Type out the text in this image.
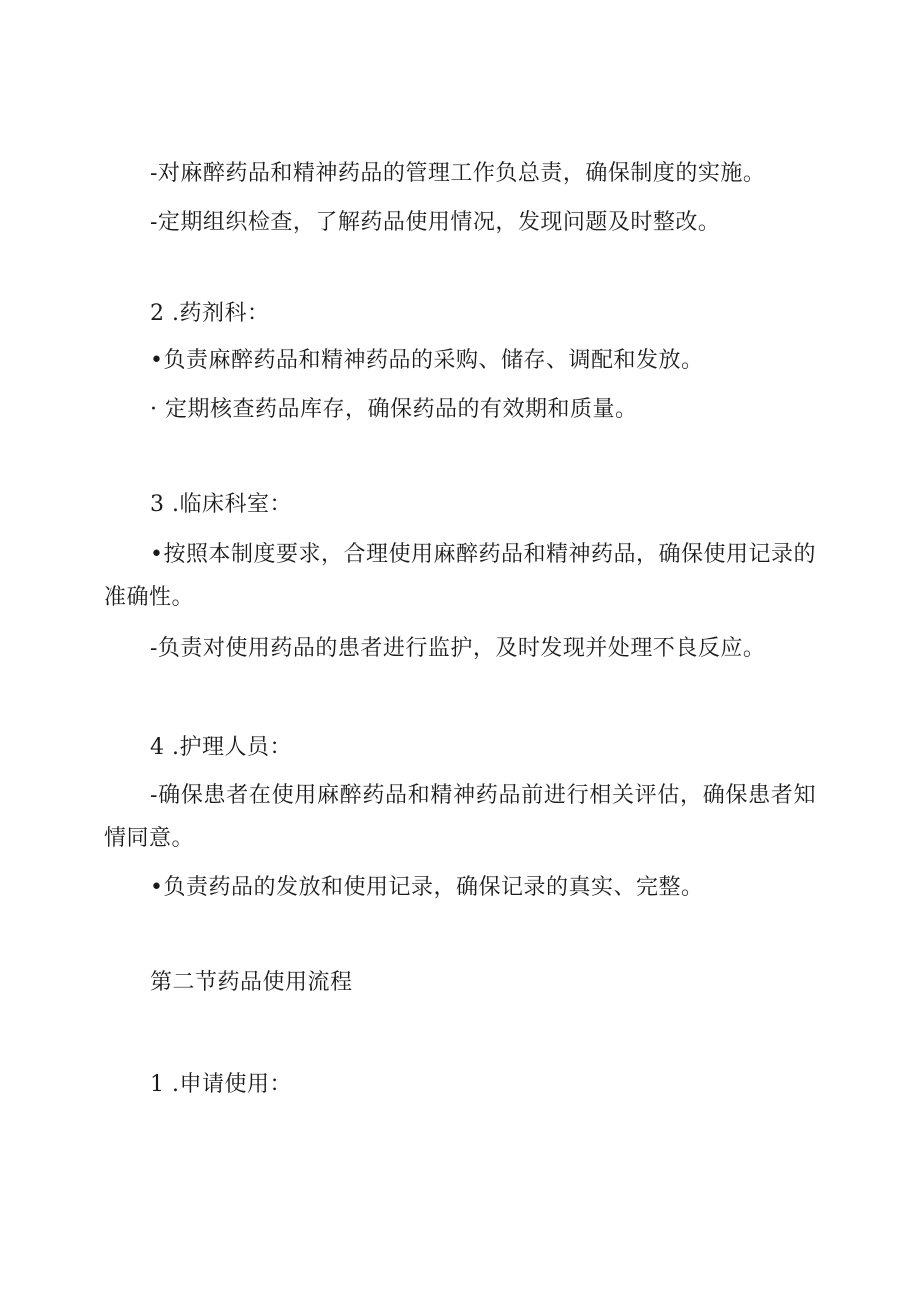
-对麻醉药品和精神药品的管理工作负总责，确保制度的实施。
-定期组织检查，了解药品使用情况，发现问题及时整改。
2 .药剂科：
•负责麻醉药品和精神药品的采购、储存、调配和发放。
· 定期核查药品库存，确保药品的有效期和质量。
3 .临床科室：
•按照本制度要求，合理使用麻醉药品和精神药品，确保使用记录的准确性。
-负责对使用药品的患者进行监护，及时发现并处理不良反应。
4 .护理人员：
-确保患者在使用麻醉药品和精神药品前进行相关评估，确保患者知情同意。
•负责药品的发放和使用记录，确保记录的真实、完整。
第二节药品使用流程
1 .申请使用：
